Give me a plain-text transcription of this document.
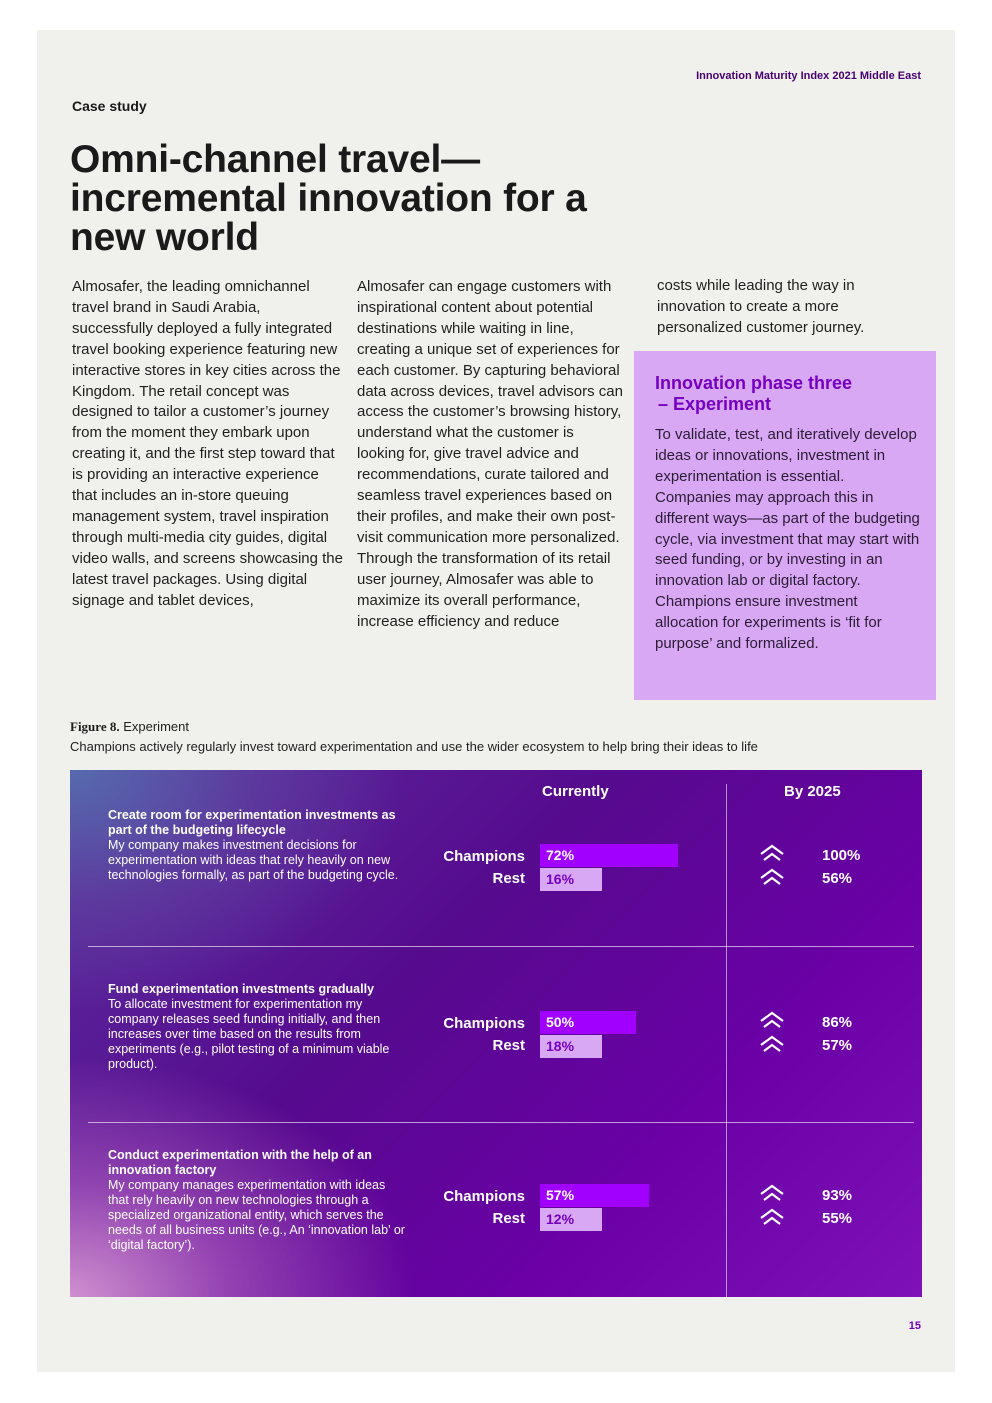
Innovation Maturity Index 2021 Middle East
Case study
Omni-channel travel— incremental innovation for a new world

Almosafer, the leading omnichannel travel brand in Saudi Arabia, successfully deployed a fully integrated travel booking experience featuring new interactive stores in key cities across the Kingdom. The retail concept was designed to tailor a customer’s journey from the moment they embark upon creating it, and the first step toward that is providing an interactive experience that includes an in-store queuing management system, travel inspiration through multi-media city guides, digital video walls, and screens showcasing the latest travel packages. Using digital signage and tablet devices,

Almosafer can engage customers with inspirational content about potential destinations while waiting in line, creating a unique set of experiences for each customer. By capturing behavioral data across devices, travel advisors can access the customer’s browsing history, understand what the customer is looking for, give travel advice and recommendations, curate tailored and seamless travel experiences based on their profiles, and make their own post-visit communication more personalized. Through the transformation of its retail user journey, Almosafer was able to maximize its overall performance, increase efficiency and reduce

costs while leading the way in innovation to create a more personalized customer journey.

Innovation phase three
– Experiment

To validate, test, and iteratively develop ideas or innovations, investment in experimentation is essential. Companies may approach this in different ways—as part of the budgeting cycle, via investment that may start with seed funding, or by investing in an innovation lab or digital factory. Champions ensure investment allocation for experiments is ‘fit for purpose’ and formalized.

Figure 8. Experiment
Champions actively regularly invest toward experimentation and use the wider ecosystem to help bring their ideas to life
Currently	By 2025
Create room for experimentation investments as part of the budgeting lifecycle
My company makes investment decisions for experimentation with ideas that rely heavily on new technologies formally, as part of the budgeting cycle.
Champions
Rest
72%
16%
100%
56%
Fund experimentation investments gradually
To allocate investment for experimentation my company releases seed funding initially, and then increases over time based on the results from experiments (e.g., pilot testing of a minimum viable product).
Champions
Rest
50%
18%
86%
57%
Conduct experimentation with the help of an innovation factory
My company manages experimentation with ideas that rely heavily on new technologies through a specialized organizational entity, which serves the needs of all business units (e.g., An ‘innovation lab’ or ‘digital factory’).
Champions
Rest
57%
12%
93%
55%
15
